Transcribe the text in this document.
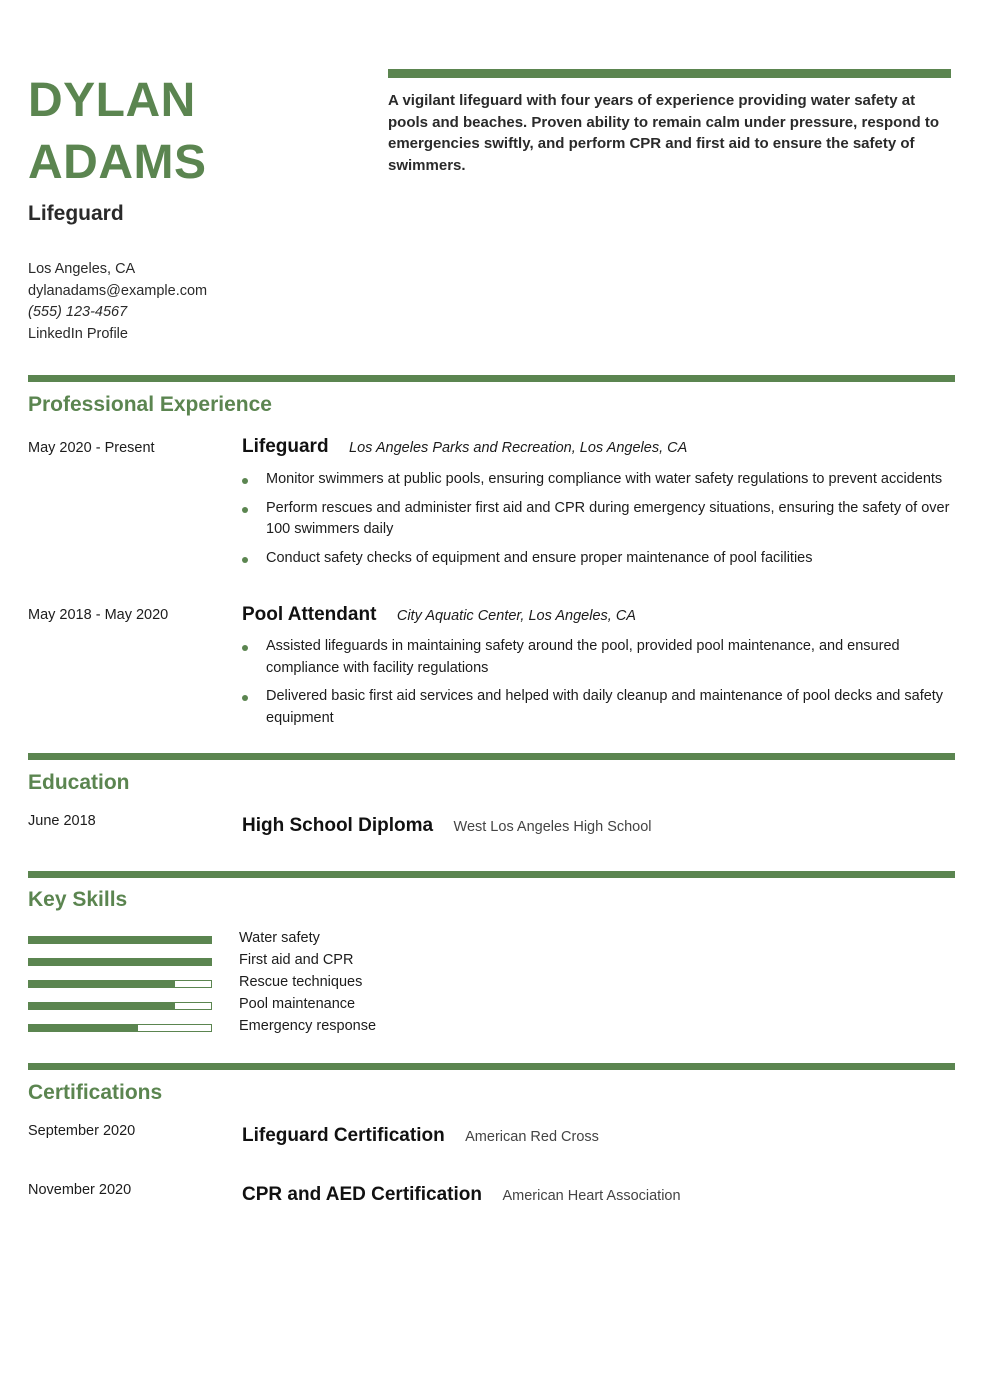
DYLAN
ADAMS
Lifeguard
Los Angeles, CA
dylanadams@example.com
(555) 123-4567
LinkedIn Profile
A vigilant lifeguard with four years of experience providing water safety at pools and beaches. Proven ability to remain calm under pressure, respond to emergencies swiftly, and perform CPR and first aid to ensure the safety of swimmers.
Professional Experience
May 2020 - Present	Lifeguard Los Angeles Parks and Recreation, Los Angeles, CA
Monitor swimmers at public pools, ensuring compliance with water safety regulations to prevent accidents
Perform rescues and administer first aid and CPR during emergency situations, ensuring the safety of over 100 swimmers daily
Conduct safety checks of equipment and ensure proper maintenance of pool facilities
May 2018 - May 2020	Pool Attendant City Aquatic Center, Los Angeles, CA
Assisted lifeguards in maintaining safety around the pool, provided pool maintenance, and ensured compliance with facility regulations
Delivered basic first aid services and helped with daily cleanup and maintenance of pool decks and safety equipment
Education
June 2018	High School Diploma West Los Angeles High School
Key Skills
Water safety
First aid and CPR
Rescue techniques
Pool maintenance
Emergency response
Certifications
September 2020	Lifeguard Certification American Red Cross
November 2020	CPR and AED Certification American Heart Association
